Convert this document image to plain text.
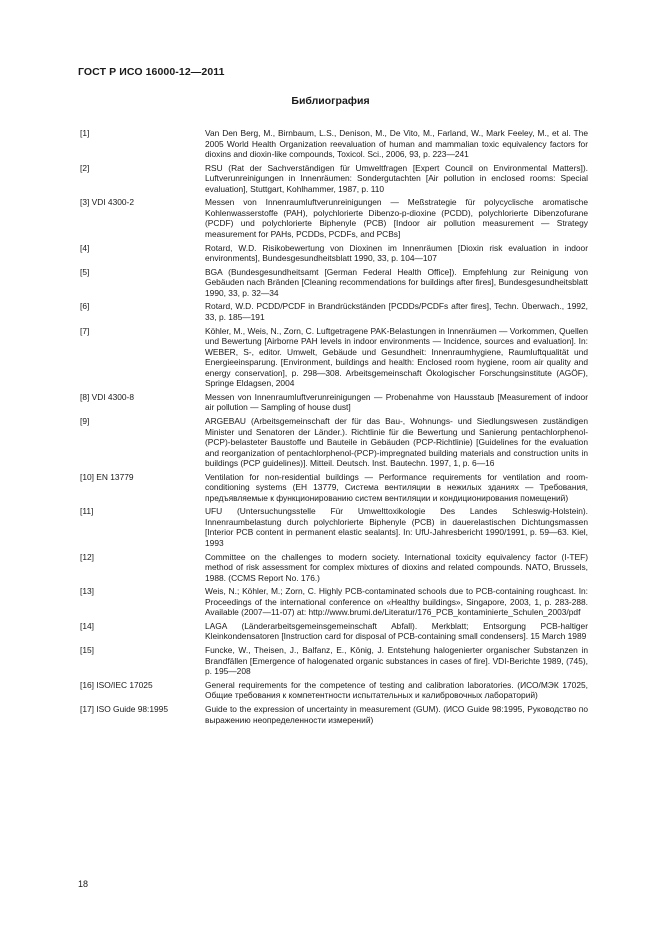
ГОСТ Р ИСО 16000-12—2011
Библиография
[1]	Van Den Berg, M., Birnbaum, L.S., Denison, M., De Vito, M., Farland, W., Mark Feeley, M., et al. The 2005 World Health Organization reevaluation of human and mammalian toxic equivalency factors for dioxins and dioxin-like compounds, Toxicol. Sci., 2006, 93, p. 223—241
[2]	RSU (Rat der Sachverständigen für Umweltfragen [Expert Council on Environmental Matters]). Luftverunreinigungen in Innenräumen: Sondergutachten [Air pollution in enclosed rooms: Special evaluation], Stuttgart, Kohlhammer, 1987, p. 110
[3] VDI 4300-2	Messen von Innenraumluftverunreinigungen — Meßstrategie für polycyclische aromatische Kohlenwasserstoffe (PAH), polychlorierte Dibenzo-p-dioxine (PCDD), polychlorierte Dibenzofurane (PCDF) und polychlorierte Biphenyle (PCB) [Indoor air pollution measurement — Strategy measurement for PAHs, PCDDs, PCDFs, and PCBs]
[4]	Rotard, W.D. Risikobewertung von Dioxinen im Innenräumen [Dioxin risk evaluation in indoor environments], Bundesgesundheitsblatt 1990, 33, p. 104—107
[5]	BGA (Bundesgesundheitsamt [German Federal Health Office]). Empfehlung zur Reinigung von Gebäuden nach Bränden [Cleaning recommendations for buildings after fires], Bundesgesundheitsblatt 1990, 33, p. 32—34
[6]	Rotard, W.D. PCDD/PCDF in Brandrückständen [PCDDs/PCDFs after fires], Techn. Überwach., 1992, 33, p. 185—191
[7]	Köhler, M., Weis, N., Zorn, C. Luftgetragene PAK-Belastungen in Innenräumen — Vorkommen, Quellen und Bewertung [Airborne PAH levels in indoor environments — Incidence, sources and evaluation]. In: WEBER, S-, editor. Umwelt, Gebäude und Gesundheit: Innenraumhygiene, Raumluftqualität und Energieeinsparung. [Environment, buildings and health: Enclosed room hygiene, room air quality and energy conservation], p. 298—308. Arbeitsgemeinschaft Ökologischer Forschungsinstitute (AGÖF), Springe Eldagsen, 2004
[8] VDI 4300-8	Messen von Innenraumluftverunreinigungen — Probenahme von Hausstaub [Measurement of indoor air pollution — Sampling of house dust]
[9]	ARGEBAU (Arbeitsgemeinschaft der für das Bau-, Wohnungs- und Siedlungswesen zuständigen Minister und Senatoren der Länder.). Richtlinie für die Bewertung und Sanierung pentachlorphenol-(PCP)-belasteter Baustoffe und Bauteile in Gebäuden (PCP-Richtlinie) [Guidelines for the evaluation and reorganization of pentachlorphenol-(PCP)-impregnated building materials and construction units in buildings (PCP guidelines)]. Mitteil. Deutsch. Inst. Bautechn. 1997, 1, p. 6—16
[10] EN 13779	Ventilation for non-residential buildings — Performance requirements for ventilation and room-conditioning systems (EH 13779, Система вентиляции в нежилых зданиях — Требования, предъявляемые к функционированию систем вентиляции и кондиционирования помещений)
[11]	UFU (Untersuchungsstelle Für Umwelttoxikologie Des Landes Schleswig-Holstein). Innenraumbelastung durch polychlorierte Biphenyle (PCB) in dauerelastischen Dichtungsmassen [Interior PCB content in permanent elastic sealants]. In: UfU-Jahresbericht 1990/1991, p. 59—63. Kiel, 1993
[12]	Committee on the challenges to modern society. International toxicity equivalency factor (I-TEF) method of risk assessment for complex mixtures of dioxins and related compounds. NATO, Brussels, 1988. (CCMS Report No. 176.)
[13]	Weis, N.; Köhler, M.; Zorn, C. Highly PCB-contaminated schools due to PCB-containing roughcast. In: Proceedings of the international conference on «Healthy buildings», Singapore, 2003, 1, p. 283-288. Available (2007—11-07) at: http://www.brumi.de/Literatur/176_PCB_kontaminierte_Schulen_2003/pdf
[14]	LAGA (Länderarbeitsgemeinsgemeinschaft Abfall). Merkblatt; Entsorgung PCB-haltiger Kleinkondensatoren [Instruction card for disposal of PCB-containing small condensers]. 15 March 1989
[15]	Funcke, W., Theisen, J., Balfanz, E., König, J. Entstehung halogenierter organischer Substanzen in Brandfällen [Emergence of halogenated organic substances in cases of fire]. VDI-Berichte 1989, (745), p. 195—208
[16] ISO/IEC 17025	General requirements for the competence of testing and calibration laboratories. (ИСО/МЭК 17025, Общие требования к компетентности испытательных и калибровочных лабораторий)
[17] ISO Guide 98:1995	Guide to the expression of uncertainty in measurement (GUM). (ИСО Guide 98:1995, Руководство по выражению неопределенности измерений)
18
